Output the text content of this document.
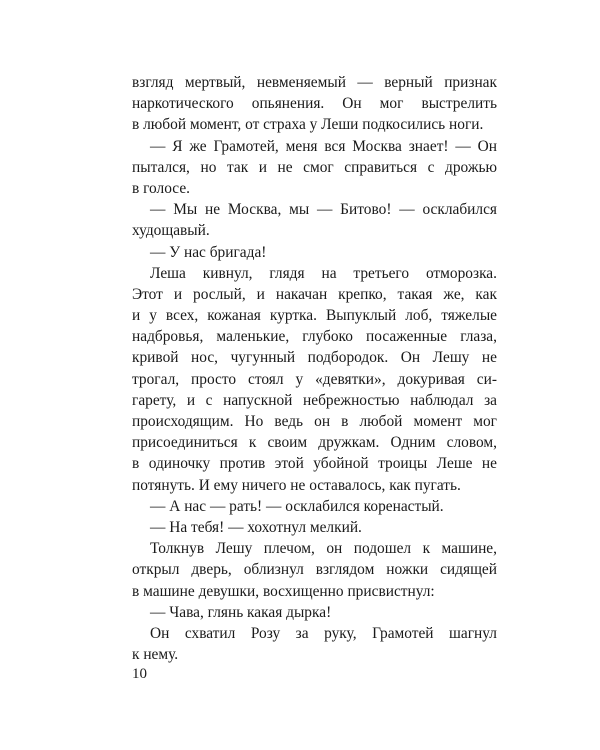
взгляд мертвый, невменяемый — верный признак
наркотического опьянения. Он мог выстрелить
в любой момент, от страха у Леши подкосились ноги.
— Я же Грамотей, меня вся Москва знает! — Он
пытался, но так и не смог справиться с дрожью
в голосе.
— Мы не Москва, мы — Битово! — осклабился
худощавый.
— У нас бригада!
Леша кивнул, глядя на третьего отморозка.
Этот и рослый, и накачан крепко, такая же, как
и у всех, кожаная куртка. Выпуклый лоб, тяжелые
надбровья, маленькие, глубоко посаженные глаза,
кривой нос, чугунный подбородок. Он Лешу не
трогал, просто стоял у «девятки», докуривая си-
гарету, и с напускной небрежностью наблюдал за
происходящим. Но ведь он в любой момент мог
присоединиться к своим дружкам. Одним словом,
в одиночку против этой убойной троицы Леше не
потянуть. И ему ничего не оставалось, как пугать.
— А нас — рать! — осклабился коренастый.
— На тебя! — хохотнул мелкий.
Толкнув Лешу плечом, он подошел к машине,
открыл дверь, облизнул взглядом ножки сидящей
в машине девушки, восхищенно присвистнул:
— Чава, глянь какая дырка!
Он схватил Розу за руку, Грамотей шагнул
к нему.
10
